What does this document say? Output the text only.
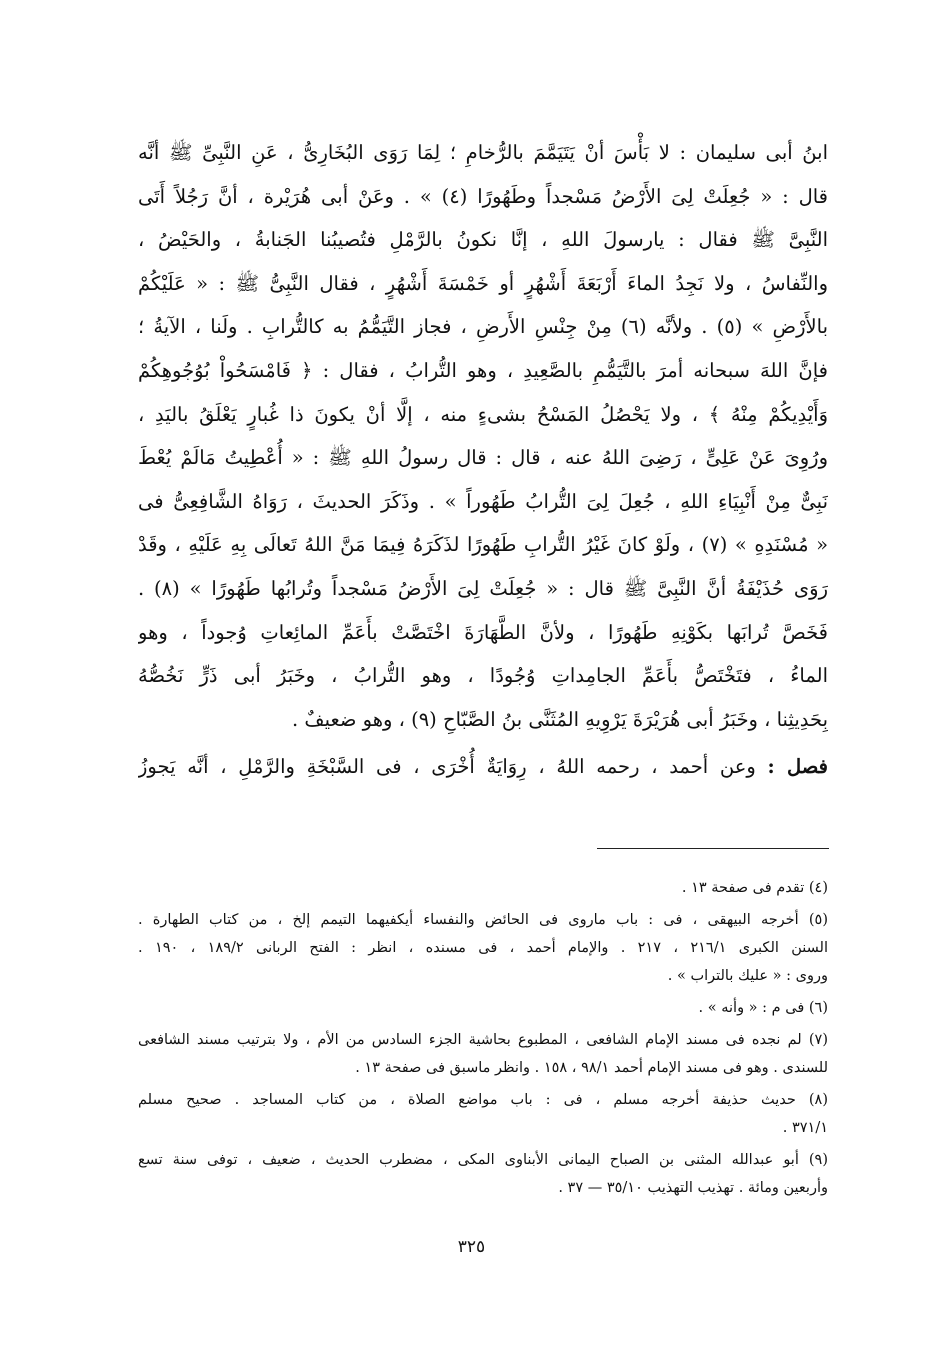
ابنُ أبى سليمان : لا بَأْسَ أنْ يَتَيَمَّمَ بالرُّخامِ ؛ لِمَا رَوَى البُخَارِىُّ ، عَنِ النَّبِىِّ ﷺ أنَّه
قال : « جُعِلَتْ لِىَ الأَرْضُ مَسْجداً وطَهُورًا (٤) » . وعَنْ أبى هُرَيْرة ، أنَّ رَجُلاً أَتَى
النَّبِىَّ ﷺ فقال : يارسولَ اللهِ ، إنَّا نكونُ بالرَّمْلِ فتُصيبُنا الجَنابةُ ، والحَيْضُ ،
والنِّفاسُ ، ولا نَجِدُ الماءَ أَرْبَعَةَ أَشْهُرٍ أو خَمْسَةَ أَشْهُرٍ ، فقال النَّبِىُّ ﷺ : « عَلَيْكُمْ
بالأَرْضِ » (٥) . ولأنَّه (٦) مِنْ جِنْسِ الأَرضِ ، فجاز التَّيَمُّمُ به كالتُّرابِ . ولَنا ، الآيةُ ؛
فإنَّ اللهَ سبحانه أمرَ بالتَّيَمُّمِ بالصَّعِيدِ ، وهو التُّرابُ ، فقال : ﴿ فَامْسَحُواْ بُوُجُوهِكُمْ
وَأَيْدِيكُمْ مِنْهُ ﴾ ، ولا يَحْصُلُ المَسْحُ بشىءٍ منه ، إلَّا أنْ يكونَ ذا غُبارٍ يَعْلَقُ باليَدِ ،
ورُوِىَ عَنْ عَلِىٍّ ، رَضِىَ اللهُ عنه ، قال : قال رسولُ اللهِ ﷺ : « أُعْطِيتُ مَالَمْ يُعْطَ
نَبِىٌّ مِنْ أَنْبِيَاءِ اللهِ ، جُعِلَ لِىَ التُّرابُ طَهُوراً » . وذَكَرَ الحديثَ ، رَوَاهُ الشَّافِعِىُّ فى
« مُسْنَدِهِ » (٧) ، ولَوْ كانَ غَيْرُ التُّرابِ طَهُورًا لذَكَرَهُ فِيمَا مَنَّ اللهُ تَعالَى بِهِ عَلَيْهِ ، وقَدْ
رَوَى حُذَيْفَةُ أنَّ النَّبِىَّ ﷺ قال : « جُعِلَتْ لِىَ الأَرْضُ مَسْجداً وتُرابُها طَهُورًا » (٨) .
فَخَصَّ تُرابَها بكَوْنِهِ طَهُورًا ، ولأنَّ الطَّهَارَةَ اخْتَصَّتْ بأَعَمِّ المائِعاتِ وُجوداً ، وهو
الماءُ ، فتَخْتَصُّ بأَعَمِّ الجامِداتِ وُجُودًا ، وهو التُّرابُ ، وخَبَرُ أبى ذَرٍّ نَخُصُّهُ
بِحَدِيثِنا ، وخَبَرُ أبى هُرَيْرَةَ يَرْوِيهِ المُثَنَّى بنُ الصَّبّاحِ (٩) ، وهو ضعيفٌ .
فصل : وعن أحمد ، رحمه اللهُ ، رِوَايَةٌ أُخْرَى ، فى السَّبْخَةِ والرَّمْلِ ، أنَّه يَجوزُ
(٤) تقدم فى صفحة ١٣ .
(٥) أخرجه البيهقى ، فى : باب ماروى فى الحائض والنفساء أيكفيهما التيمم إلخ ، من كتاب الطهارة .
السنن الكبرى ٢١٦/١ ، ٢١٧ . والإمام أحمد ، فى مسنده ، انظر : الفتح الربانى ١٨٩/٢ ، ١٩٠ .
وروى : « عليك بالتراب » .
(٦) فى م : « وأنه » .
(٧) لم نجده فى مسند الإمام الشافعى ، المطبوع بحاشية الجزء السادس من الأم ، ولا بترتيب مسند الشافعى
للسندى . وهو فى مسند الإمام أحمد ٩٨/١ ، ١٥٨ . وانظر ماسبق فى صفحة ١٣ .
(٨) حديث حذيفة أخرجه مسلم ، فى : باب مواضع الصلاة ، من كتاب المساجد . صحيح مسلم
٣٧١/١ .
(٩) أبو عبدالله المثنى بن الصباح اليمانى الأبناوى المكى ، مضطرب الحديث ، ضعيف ، توفى سنة تسع
وأربعين ومائة . تهذيب التهذيب ٣٥/١٠ — ٣٧ .
٣٢٥
